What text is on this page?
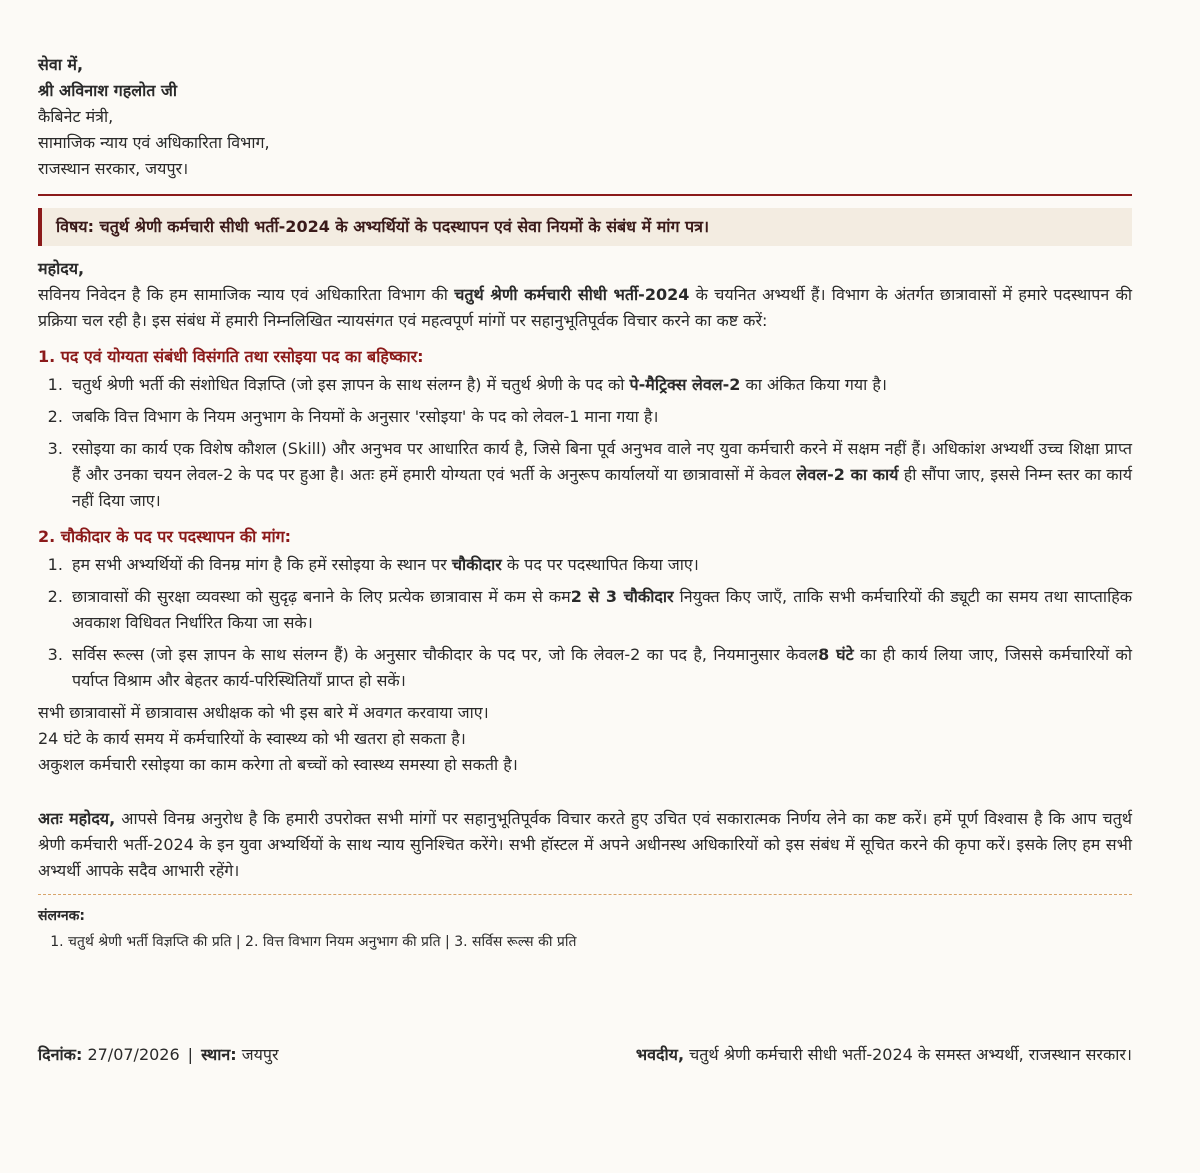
सेवा में,
श्री अविनाश गहलोत जी
कैबिनेट मंत्री,
सामाजिक न्याय एवं अधिकारिता विभाग,
राजस्थान सरकार, जयपुर।
विषय: चतुर्थ श्रेणी कर्मचारी सीधी भर्ती-2024 के अभ्यर्थियों के पदस्थापन एवं सेवा नियमों के संबंध में मांग पत्र।
महोदय,
सविनय निवेदन है कि हम सामाजिक न्याय एवं अधिकारिता विभाग की चतुर्थ श्रेणी कर्मचारी सीधी भर्ती-2024 के चयनित अभ्यर्थी हैं। विभाग के अंतर्गत छात्रावासों में हमारे पदस्थापन की प्रक्रिया चल रही है। इस संबंध में हमारी निम्नलिखित न्यायसंगत एवं महत्वपूर्ण मांगों पर सहानुभूतिपूर्वक विचार करने का कष्ट करें:
1. पद एवं योग्यता संबंधी विसंगति तथा रसोइया पद का बहिष्कार:
1. चतुर्थ श्रेणी भर्ती की संशोधित विज्ञप्ति (जो इस ज्ञापन के साथ संलग्न है) में चतुर्थ श्रेणी के पद को पे-मैट्रिक्स लेवल-2 का अंकित किया गया है।
2. जबकि वित्त विभाग के नियम अनुभाग के नियमों के अनुसार 'रसोइया' के पद को लेवल-1 माना गया है।
3. रसोइया का कार्य एक विशेष कौशल (Skill) और अनुभव पर आधारित कार्य है, जिसे बिना पूर्व अनुभव वाले नए युवा कर्मचारी करने में सक्षम नहीं हैं। अधिकांश अभ्यर्थी उच्च शिक्षा प्राप्त हैं और उनका चयन लेवल-2 के पद पर हुआ है। अतः हमें हमारी योग्यता एवं भर्ती के अनुरूप कार्यालयों या छात्रावासों में केवल लेवल-2 का कार्य ही सौंपा जाए, इससे निम्न स्तर का कार्य नहीं दिया जाए।
2. चौकीदार के पद पर पदस्थापन की मांग:
1. हम सभी अभ्यर्थियों की विनम्र मांग है कि हमें रसोइया के स्थान पर चौकीदार के पद पर पदस्थापित किया जाए।
2. छात्रावासों की सुरक्षा व्यवस्था को सुदृढ़ बनाने के लिए प्रत्येक छात्रावास में कम से कम2 से 3 चौकीदार नियुक्त किए जाएँ, ताकि सभी कर्मचारियों की ड्यूटी का समय तथा साप्ताहिक अवकाश विधिवत निर्धारित किया जा सके।
3. सर्विस रूल्स (जो इस ज्ञापन के साथ संलग्न हैं) के अनुसार चौकीदार के पद पर, जो कि लेवल-2 का पद है, नियमानुसार केवल8 घंटे का ही कार्य लिया जाए, जिससे कर्मचारियों को पर्याप्त विश्राम और बेहतर कार्य-परिस्थितियाँ प्राप्त हो सकें।
सभी छात्रावासों में छात्रावास अधीक्षक को भी इस बारे में अवगत करवाया जाए।
24 घंटे के कार्य समय में कर्मचारियों के स्वास्थ्य को भी खतरा हो सकता है।
अकुशल कर्मचारी रसोइया का काम करेगा तो बच्चों को स्वास्थ्य समस्या हो सकती है।
अतः महोदय, आपसे विनम्र अनुरोध है कि हमारी उपरोक्त सभी मांगों पर सहानुभूतिपूर्वक विचार करते हुए उचित एवं सकारात्मक निर्णय लेने का कष्ट करें। हमें पूर्ण विश्वास है कि आप चतुर्थ श्रेणी कर्मचारी भर्ती-2024 के इन युवा अभ्यर्थियों के साथ न्याय सुनिश्चित करेंगे। सभी हॉस्टल में अपने अधीनस्थ अधिकारियों को इस संबंध में सूचित करने की कृपा करें। इसके लिए हम सभी अभ्यर्थी आपके सदैव आभारी रहेंगे।
संलग्नक:
1. चतुर्थ श्रेणी भर्ती विज्ञप्ति की प्रति | 2. वित्त विभाग नियम अनुभाग की प्रति | 3. सर्विस रूल्स की प्रति
दिनांक: 27/07/2026 | स्थान: जयपुर	भवदीय, चतुर्थ श्रेणी कर्मचारी सीधी भर्ती-2024 के समस्त अभ्यर्थी, राजस्थान सरकार।
